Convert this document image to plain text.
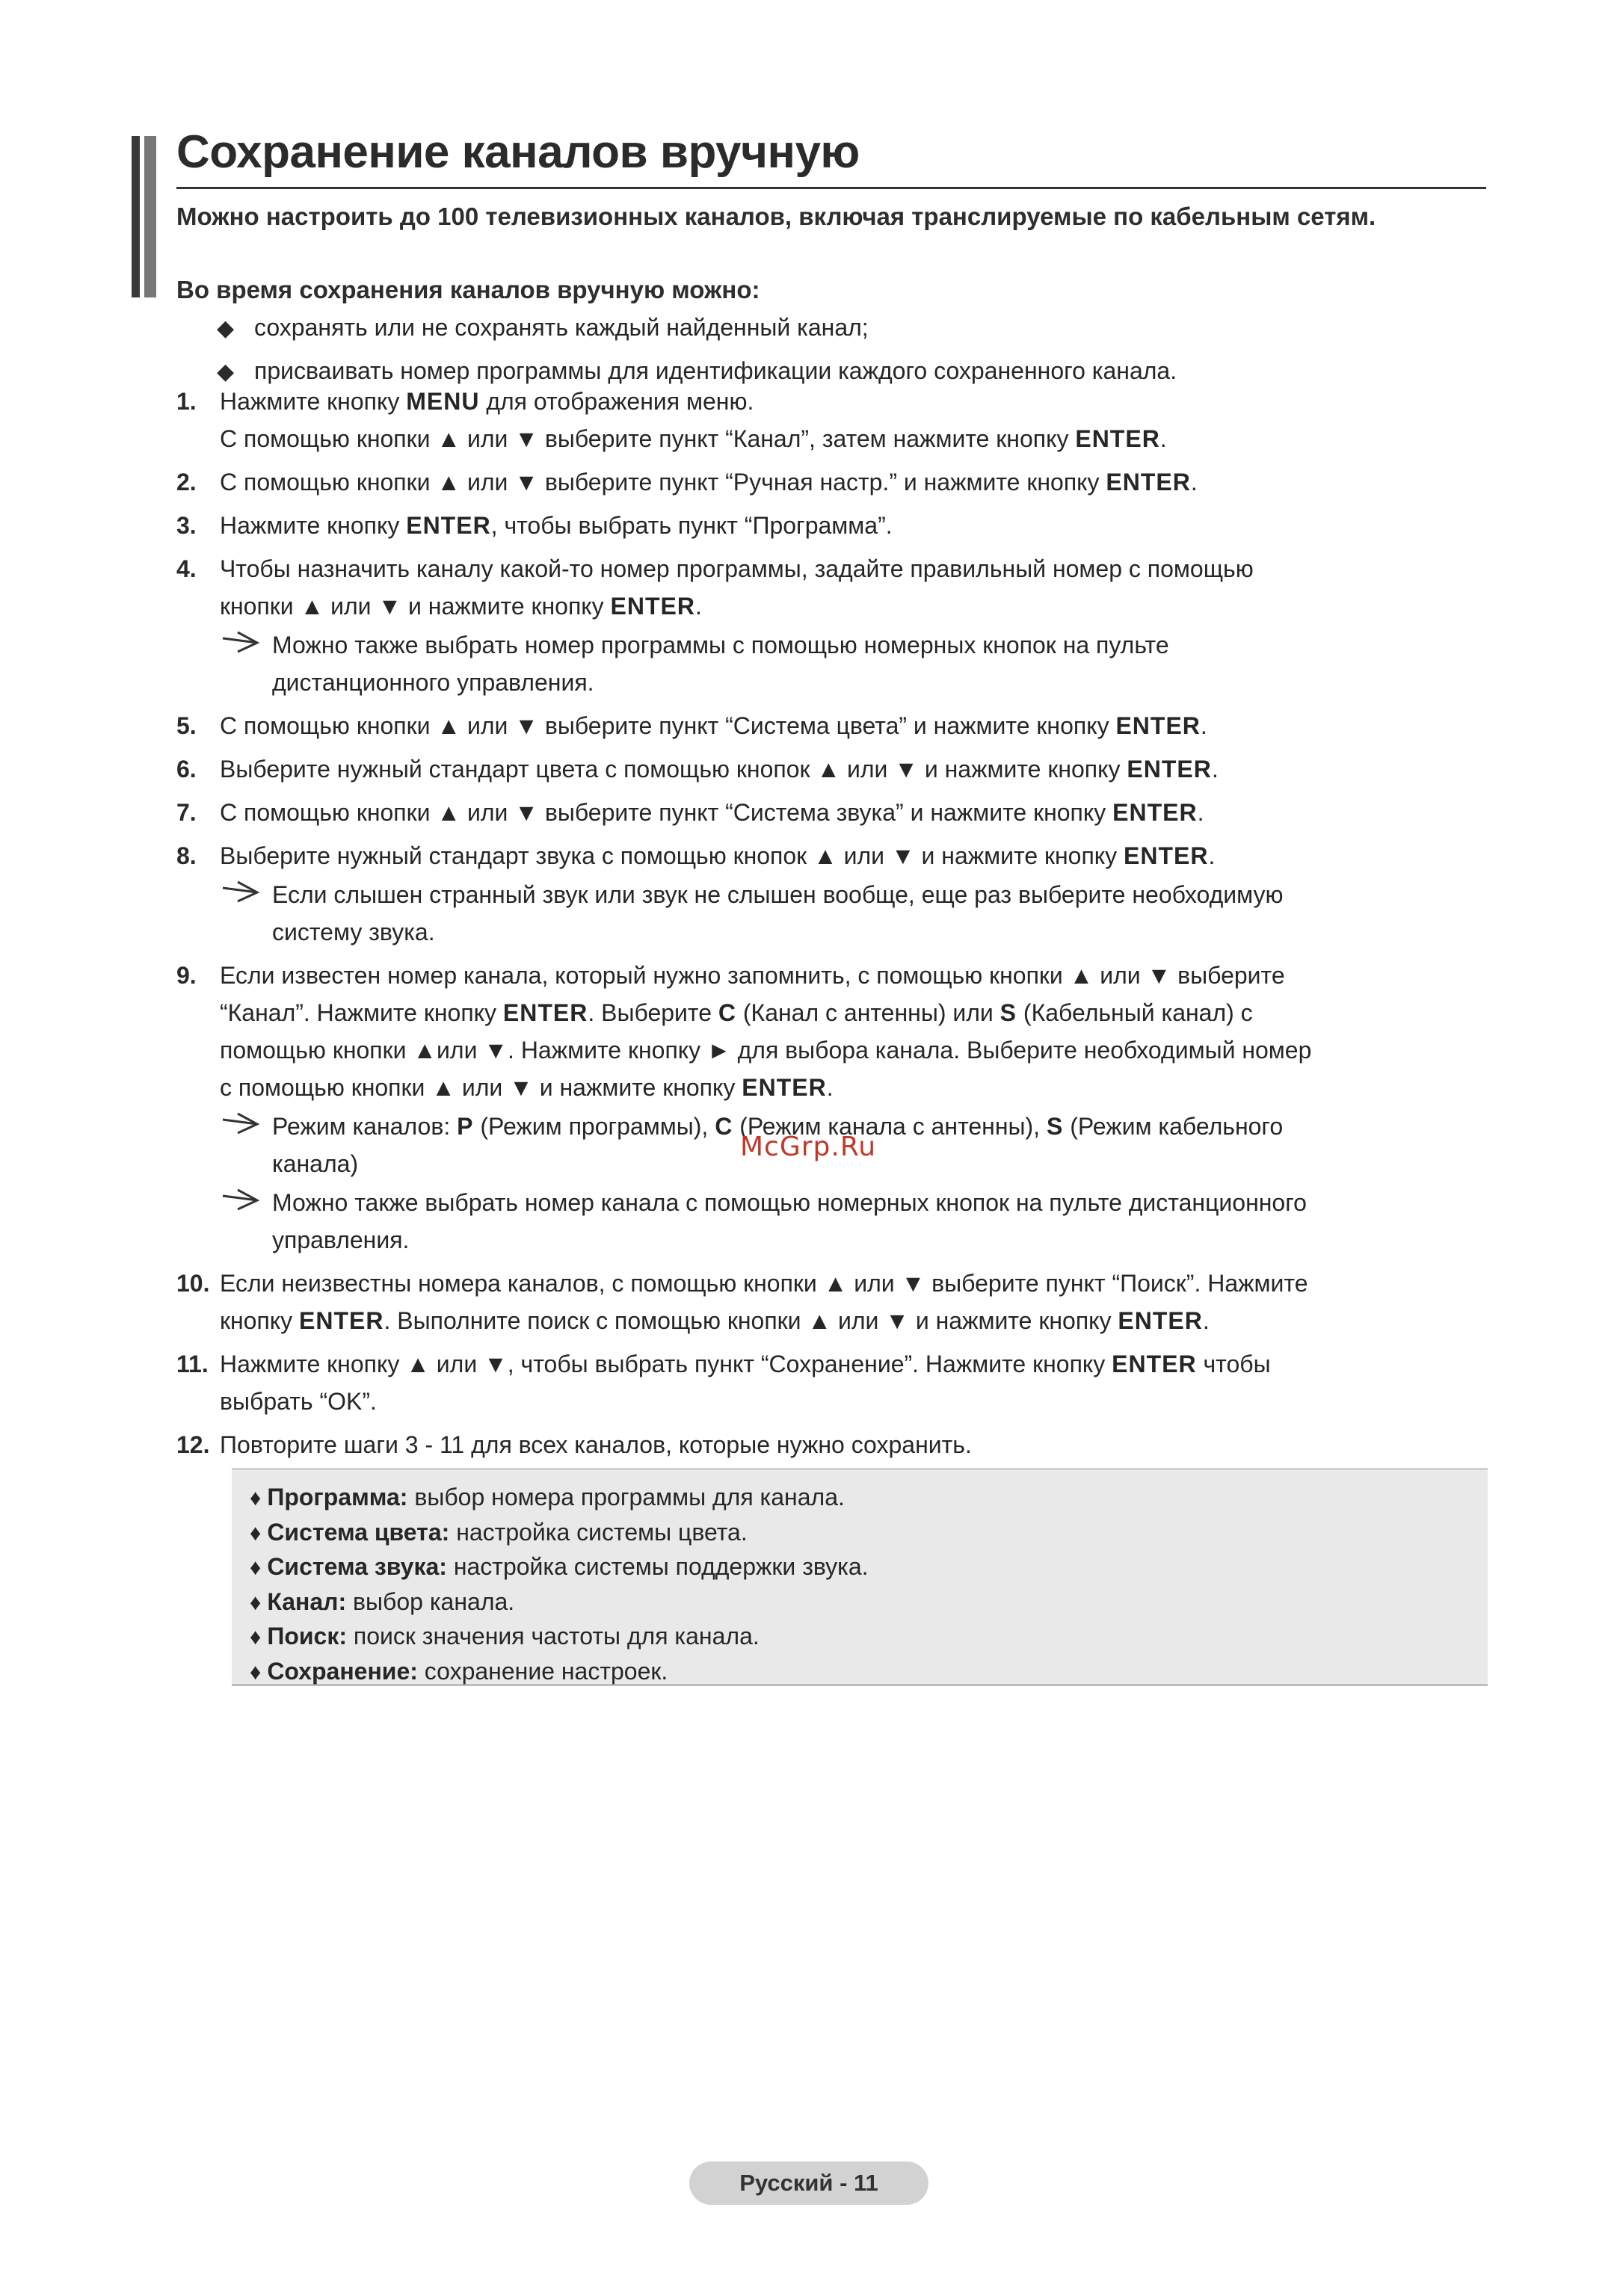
Сохранение каналов вручную
Можно настроить до 100 телевизионных каналов, включая транслируемые по кабельным сетям.
Во время сохранения каналов вручную можно:
◆ сохранять или не сохранять каждый найденный канал;
◆ присваивать номер программы для идентификации каждого сохраненного канала.
1. Нажмите кнопку MENU для отображения меню.
С помощью кнопки ▲ или ▼ выберите пункт “Канал”, затем нажмите кнопку ENTER.
2. С помощью кнопки ▲ или ▼ выберите пункт “Ручная настр.” и нажмите кнопку ENTER.
3. Нажмите кнопку ENTER, чтобы выбрать пункт “Программа”.
4. Чтобы назначить каналу какой-то номер программы, задайте правильный номер с помощью
кнопки ▲ или ▼ и нажмите кнопку ENTER.
Можно также выбрать номер программы с помощью номерных кнопок на пульте
дистанционного управления.
5. С помощью кнопки ▲ или ▼ выберите пункт “Система цвета” и нажмите кнопку ENTER.
6. Выберите нужный стандарт цвета с помощью кнопок ▲ или ▼ и нажмите кнопку ENTER.
7. С помощью кнопки ▲ или ▼ выберите пункт “Система звука” и нажмите кнопку ENTER.
8. Выберите нужный стандарт звука с помощью кнопок ▲ или ▼ и нажмите кнопку ENTER.
Если слышен странный звук или звук не слышен вообще, еще раз выберите необходимую
систему звука.
9. Если известен номер канала, который нужно запомнить, с помощью кнопки ▲ или ▼ выберите
“Канал”. Нажмите кнопку ENTER. Выберите C (Канал с антенны) или S (Кабельный канал) с
помощью кнопки ▲или ▼. Нажмите кнопку ► для выбора канала. Выберите необходимый номер
с помощью кнопки ▲ или ▼ и нажмите кнопку ENTER.
Режим каналов: P (Режим программы), C (Режим канала с антенны), S (Режим кабельного
канала)
Можно также выбрать номер канала с помощью номерных кнопок на пульте дистанционного
управления.
10. Если неизвестны номера каналов, с помощью кнопки ▲ или ▼ выберите пункт “Поиск”. Нажмите
кнопку ENTER. Выполните поиск с помощью кнопки ▲ или ▼ и нажмите кнопку ENTER.
11. Нажмите кнопку ▲ или ▼, чтобы выбрать пункт “Сохранение”. Нажмите кнопку ENTER чтобы
выбрать “OK”.
12. Повторите шаги 3 - 11 для всех каналов, которые нужно сохранить.
McGrp.Ru
♦ Программа: выбор номера программы для канала.
♦ Система цвета: настройка системы цвета.
♦ Система звука: настройка системы поддержки звука.
♦ Канал: выбор канала.
♦ Поиск: поиск значения частоты для канала.
♦ Сохранение: сохранение настроек.
Русский - 11
